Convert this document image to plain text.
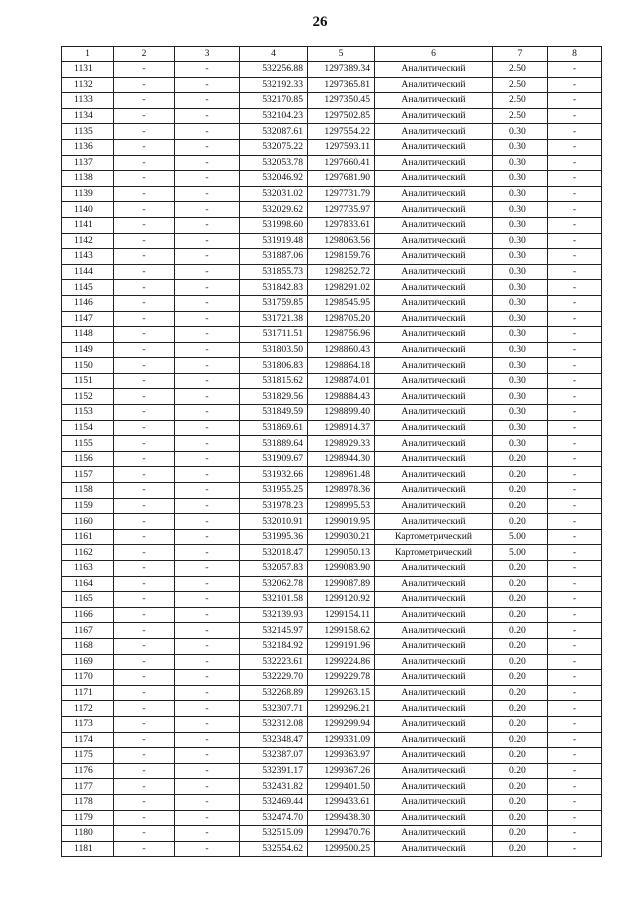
26
1	2	3	4	5	6	7	8
1131	-	-	532256.88	1297389.34	Аналитический	2.50	-
1132	-	-	532192.33	1297365.81	Аналитический	2.50	-
1133	-	-	532170.85	1297350.45	Аналитический	2.50	-
1134	-	-	532104.23	1297502.85	Аналитический	2.50	-
1135	-	-	532087.61	1297554.22	Аналитический	0.30	-
1136	-	-	532075.22	1297593.11	Аналитический	0.30	-
1137	-	-	532053.78	1297660.41	Аналитический	0.30	-
1138	-	-	532046.92	1297681.90	Аналитический	0.30	-
1139	-	-	532031.02	1297731.79	Аналитический	0.30	-
1140	-	-	532029.62	1297735.97	Аналитический	0.30	-
1141	-	-	531998.60	1297833.61	Аналитический	0.30	-
1142	-	-	531919.48	1298063.56	Аналитический	0.30	-
1143	-	-	531887.06	1298159.76	Аналитический	0.30	-
1144	-	-	531855.73	1298252.72	Аналитический	0.30	-
1145	-	-	531842.83	1298291.02	Аналитический	0.30	-
1146	-	-	531759.85	1298545.95	Аналитический	0.30	-
1147	-	-	531721.38	1298705.20	Аналитический	0.30	-
1148	-	-	531711.51	1298756.96	Аналитический	0.30	-
1149	-	-	531803.50	1298860.43	Аналитический	0.30	-
1150	-	-	531806.83	1298864.18	Аналитический	0.30	-
1151	-	-	531815.62	1298874.01	Аналитический	0.30	-
1152	-	-	531829.56	1298884.43	Аналитический	0.30	-
1153	-	-	531849.59	1298899.40	Аналитический	0.30	-
1154	-	-	531869.61	1298914.37	Аналитический	0.30	-
1155	-	-	531889.64	1298929.33	Аналитический	0.30	-
1156	-	-	531909.67	1298944.30	Аналитический	0.20	-
1157	-	-	531932.66	1298961.48	Аналитический	0.20	-
1158	-	-	531955.25	1298978.36	Аналитический	0.20	-
1159	-	-	531978.23	1298995.53	Аналитический	0.20	-
1160	-	-	532010.91	1299019.95	Аналитический	0.20	-
1161	-	-	531995.36	1299030.21	Картометрический	5.00	-
1162	-	-	532018.47	1299050.13	Картометрический	5.00	-
1163	-	-	532057.83	1299083.90	Аналитический	0.20	-
1164	-	-	532062.78	1299087.89	Аналитический	0.20	-
1165	-	-	532101.58	1299120.92	Аналитический	0.20	-
1166	-	-	532139.93	1299154.11	Аналитический	0.20	-
1167	-	-	532145.97	1299158.62	Аналитический	0.20	-
1168	-	-	532184.92	1299191.96	Аналитический	0.20	-
1169	-	-	532223.61	1299224.86	Аналитический	0.20	-
1170	-	-	532229.70	1299229.78	Аналитический	0.20	-
1171	-	-	532268.89	1299263.15	Аналитический	0.20	-
1172	-	-	532307.71	1299296.21	Аналитический	0.20	-
1173	-	-	532312.08	1299299.94	Аналитический	0.20	-
1174	-	-	532348.47	1299331.09	Аналитический	0.20	-
1175	-	-	532387.07	1299363.97	Аналитический	0.20	-
1176	-	-	532391.17	1299367.26	Аналитический	0.20	-
1177	-	-	532431.82	1299401.50	Аналитический	0.20	-
1178	-	-	532469.44	1299433.61	Аналитический	0.20	-
1179	-	-	532474.70	1299438.30	Аналитический	0.20	-
1180	-	-	532515.09	1299470.76	Аналитический	0.20	-
1181	-	-	532554.62	1299500.25	Аналитический	0.20	-
